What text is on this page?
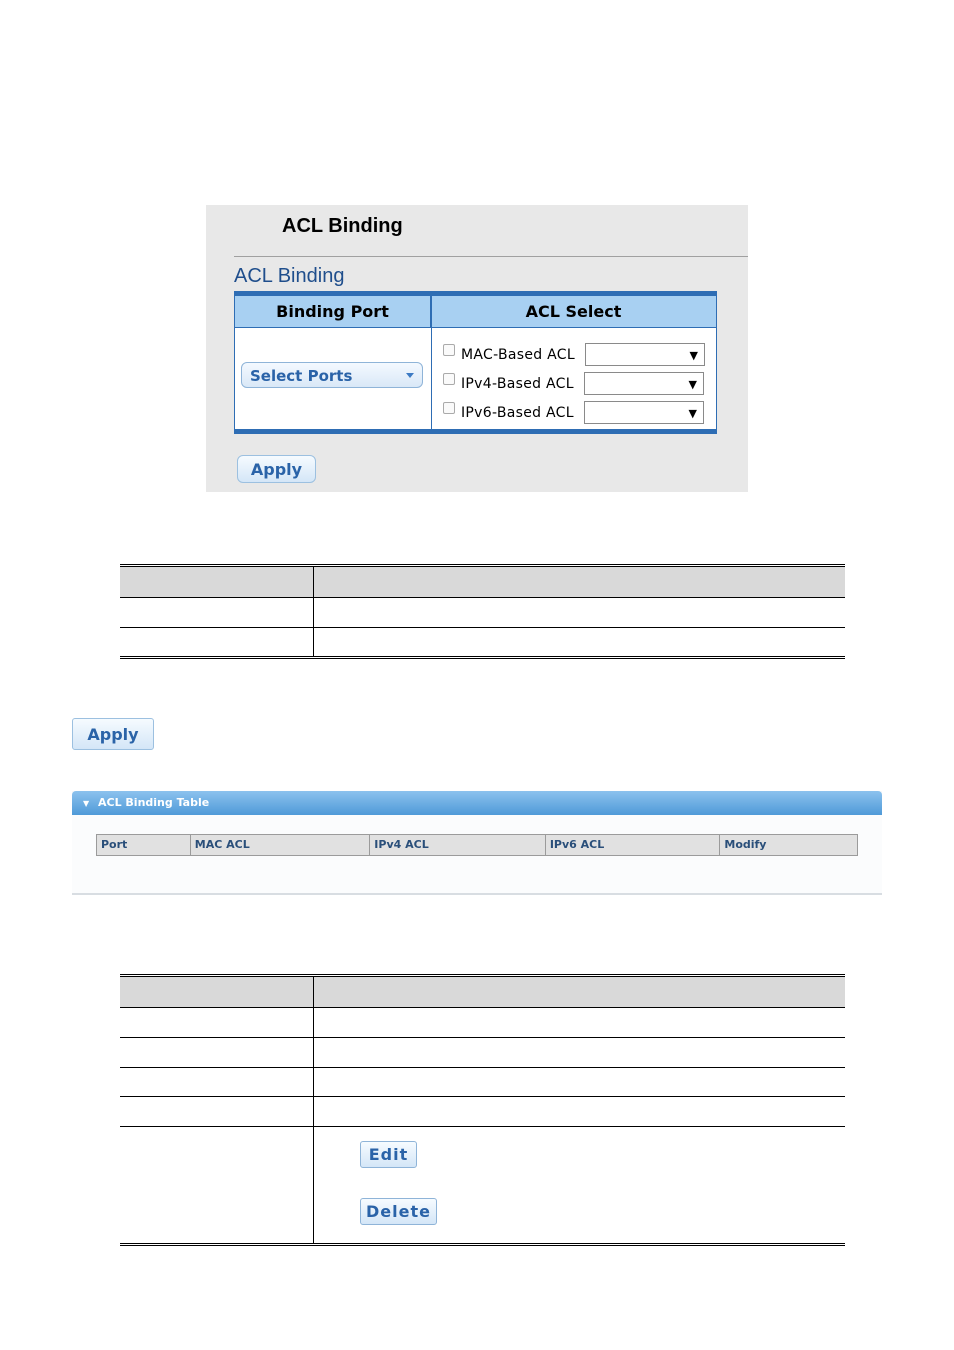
ACL Binding
ACL Binding
Binding Port	ACL Select
Select Ports
MAC-Based ACL	▼
IPv4-Based ACL	▼
IPv6-Based ACL	▼
Apply
Apply
▼ ACL Binding Table
Port	MAC ACL	IPv4 ACL	IPv6 ACL	Modify
Edit
Delete
